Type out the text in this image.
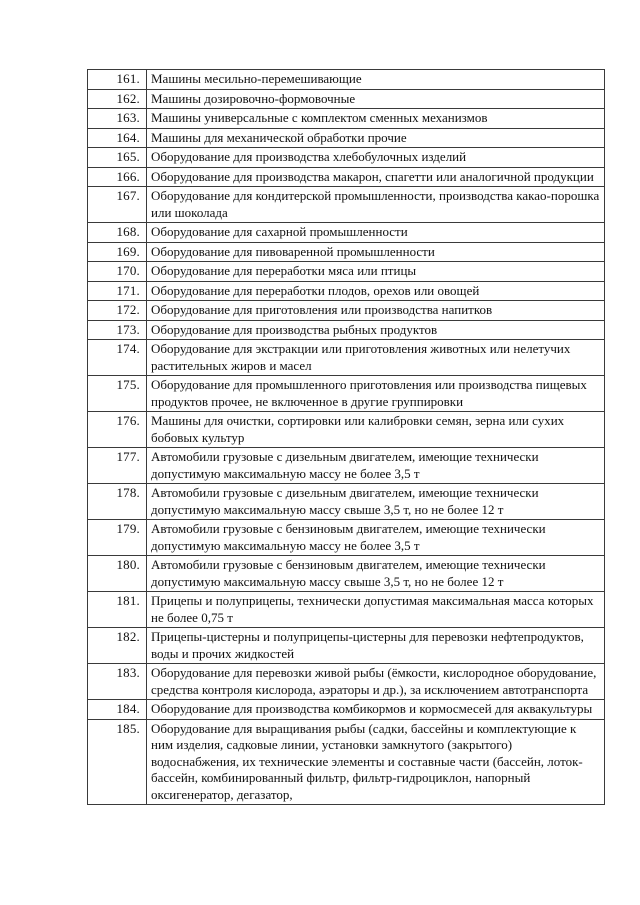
161.	Машины месильно-перемешивающие
162.	Машины дозировочно-формовочные
163.	Машины универсальные с комплектом сменных механизмов
164.	Машины для механической обработки прочие
165.	Оборудование для производства хлебобулочных изделий
166.	Оборудование для производства макарон, спагетти или аналогичной продукции
167.	Оборудование для кондитерской промышленности, производства какао-порошка или шоколада
168.	Оборудование для сахарной промышленности
169.	Оборудование для пивоваренной промышленности
170.	Оборудование для переработки мяса или птицы
171.	Оборудование для переработки плодов, орехов или овощей
172.	Оборудование для приготовления или производства напитков
173.	Оборудование для производства рыбных продуктов
174.	Оборудование для экстракции или приготовления животных или нелетучих растительных жиров и масел
175.	Оборудование для промышленного приготовления или производства пищевых продуктов прочее, не включенное в другие группировки
176.	Машины для очистки, сортировки или калибровки семян, зерна или сухих бобовых культур
177.	Автомобили грузовые с дизельным двигателем, имеющие технически допустимую максимальную массу не более 3,5 т
178.	Автомобили грузовые с дизельным двигателем, имеющие технически допустимую максимальную массу свыше 3,5 т, но не более 12 т
179.	Автомобили грузовые с бензиновым двигателем, имеющие технически допустимую максимальную массу не более 3,5 т
180.	Автомобили грузовые с бензиновым двигателем, имеющие технически допустимую максимальную массу свыше 3,5 т, но не более 12 т
181.	Прицепы и полуприцепы, технически допустимая максимальная масса которых не более 0,75 т
182.	Прицепы-цистерны и полуприцепы-цистерны для перевозки нефтепродуктов, воды и прочих жидкостей
183.	Оборудование для перевозки живой рыбы (ёмкости, кислородное оборудование, средства контроля кислорода, аэраторы и др.), за исключением автотранспорта
184.	Оборудование для производства комбикормов и кормосмесей для аквакультуры
185.	Оборудование для выращивания рыбы (садки, бассейны и комплектующие к ним изделия, садковые линии, установки замкнутого (закрытого) водоснабжения, их технические элементы и составные части (бассейн, лоток-бассейн, комбинированный фильтр, фильтр-гидроциклон, напорный оксигенератор, дегазатор,
